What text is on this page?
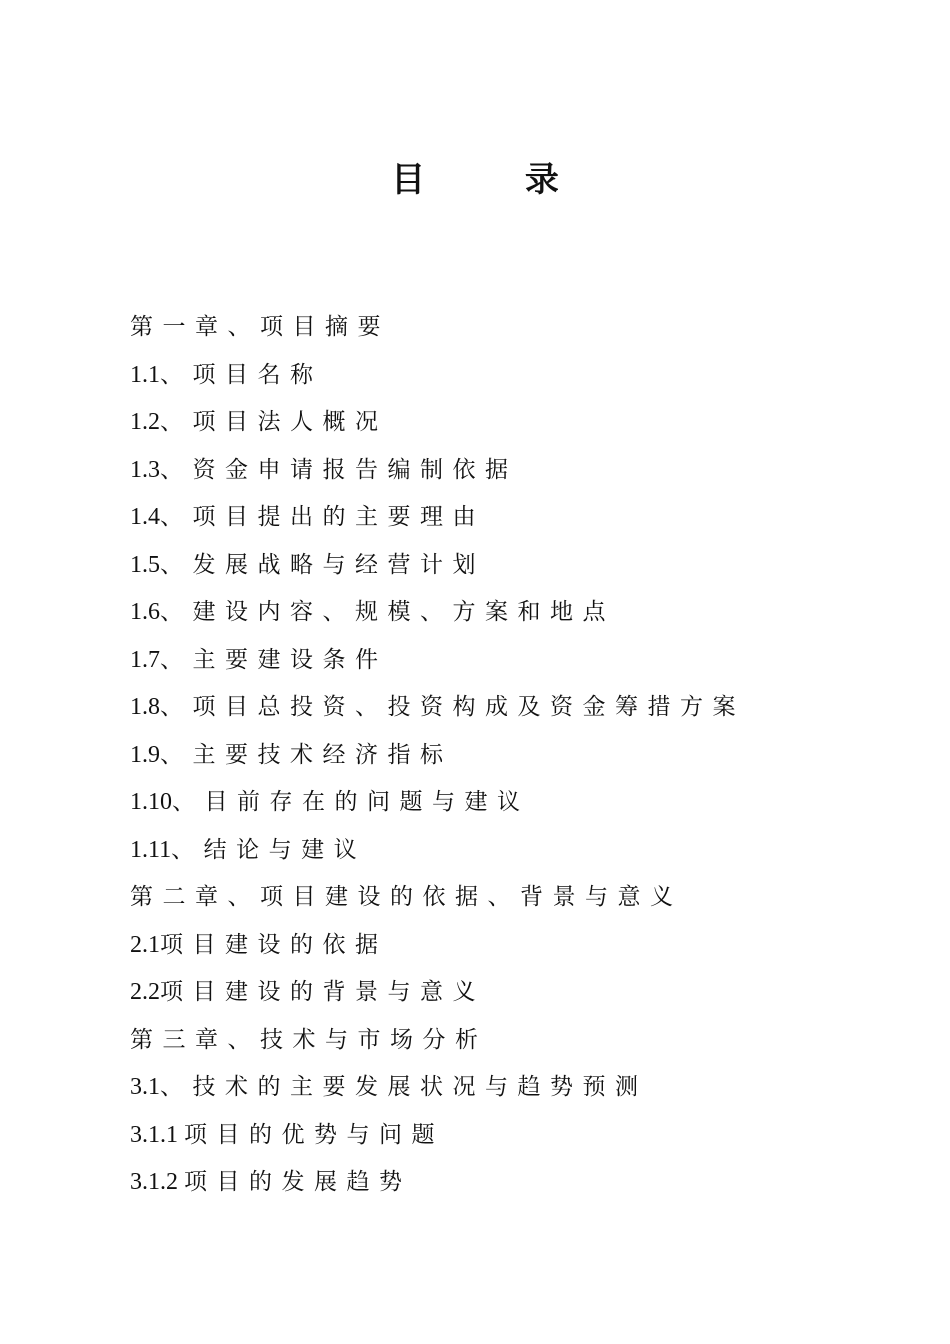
目 录
第一章、项目摘要
1.1、项目名称
1.2、项目法人概况
1.3、资金申请报告编制依据
1.4、项目提出的主要理由
1.5、发展战略与经营计划
1.6、建设内容、规模、方案和地点
1.7、主要建设条件
1.8、项目总投资、投资构成及资金筹措方案
1.9、主要技术经济指标
1.10、目前存在的问题与建议
1.11、结论与建议
第二章、项目建设的依据、背景与意义
2.1项目建设的依据
2.2项目建设的背景与意义
第三章、技术与市场分析
3.1、技术的主要发展状况与趋势预测
3.1.1 项目的优势与问题
3.1.2 项目的发展趋势
